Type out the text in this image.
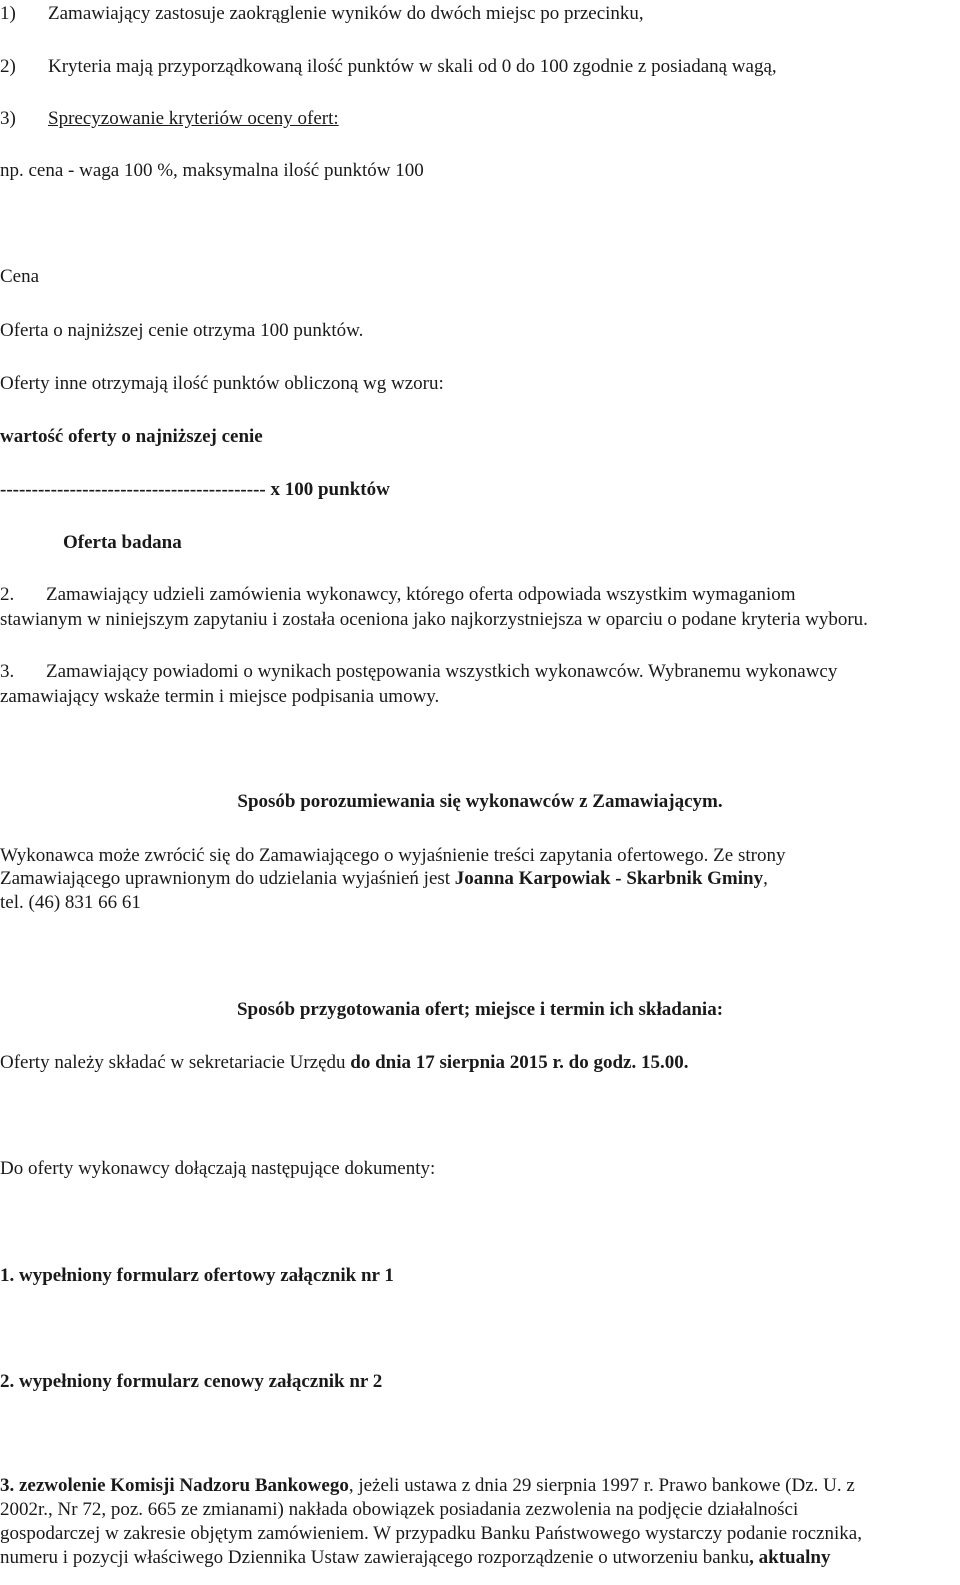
1) Zamawiający zastosuje zaokrąglenie wyników do dwóch miejsc po przecinku,
2) Kryteria mają przyporządkowaną ilość punktów w skali od 0 do 100 zgodnie z posiadaną wagą,
3) Sprecyzowanie kryteriów oceny ofert:
np. cena - waga 100 %, maksymalna ilość punktów 100
Cena
Oferta o najniższej cenie otrzyma 100 punktów.
Oferty inne otrzymają ilość punktów obliczoną wg wzoru:
wartość oferty o najniższej cenie
------------------------------------------ x 100 punktów
Oferta badana
2. Zamawiający udzieli zamówienia wykonawcy, którego oferta odpowiada wszystkim wymaganiom
stawianym w niniejszym zapytaniu i została oceniona jako najkorzystniejsza w oparciu o podane kryteria wyboru.
3. Zamawiający powiadomi o wynikach postępowania wszystkich wykonawców. Wybranemu wykonawcy
zamawiający wskaże termin i miejsce podpisania umowy.
Sposób porozumiewania się wykonawców z Zamawiającym.
Wykonawca może zwrócić się do Zamawiającego o wyjaśnienie treści zapytania ofertowego. Ze strony
Zamawiającego uprawnionym do udzielania wyjaśnień jest Joanna Karpowiak - Skarbnik Gminy,
tel. (46) 831 66 61
Sposób przygotowania ofert; miejsce i termin ich składania:
Oferty należy składać w sekretariacie Urzędu do dnia 17 sierpnia 2015 r. do godz. 15.00.
Do oferty wykonawcy dołączają następujące dokumenty:
1. wypełniony formularz ofertowy załącznik nr 1
2. wypełniony formularz cenowy załącznik nr 2
3. zezwolenie Komisji Nadzoru Bankowego, jeżeli ustawa z dnia 29 sierpnia 1997 r. Prawo bankowe (Dz. U. z
2002r., Nr 72, poz. 665 ze zmianami) nakłada obowiązek posiadania zezwolenia na podjęcie działalności
gospodarczej w zakresie objętym zamówieniem. W przypadku Banku Państwowego wystarczy podanie rocznika,
numeru i pozycji właściwego Dziennika Ustaw zawierającego rozporządzenie o utworzeniu banku, aktualny
